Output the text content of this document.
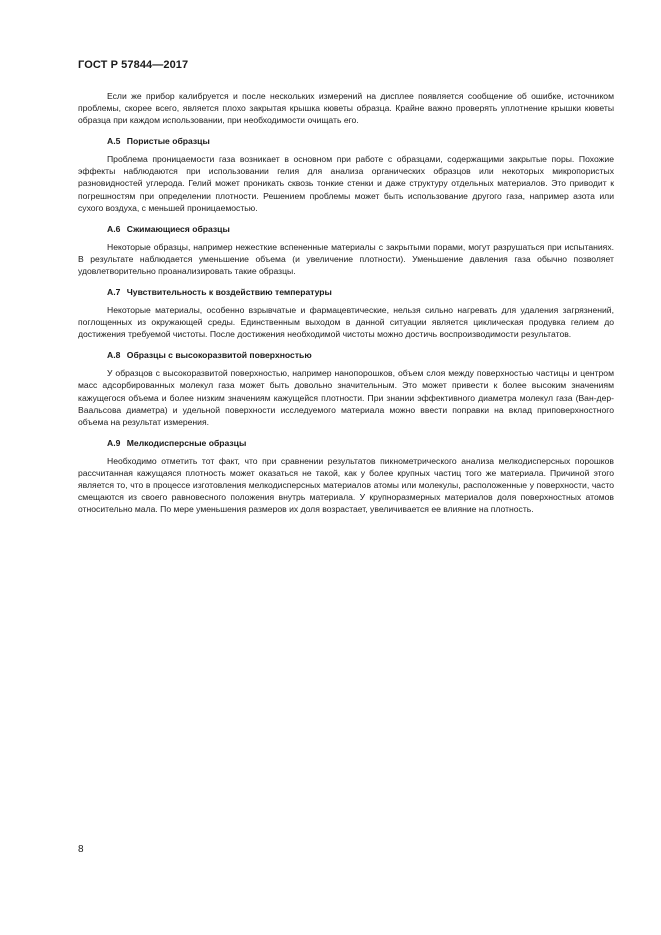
ГОСТ Р 57844—2017

Если же прибор калибруется и после нескольких измерений на дисплее появляется сообщение об ошибке, источником проблемы, скорее всего, является плохо закрытая крышка кюветы образца. Крайне важно проверять уплотнение крышки кюветы образца при каждом использовании, при необходимости очищать его.

А.5 Пористые образцы

Проблема проницаемости газа возникает в основном при работе с образцами, содержащими закрытые поры. Похожие эффекты наблюдаются при использовании гелия для анализа органических образцов или некоторых микропористых разновидностей углерода. Гелий может проникать сквозь тонкие стенки и даже структуру отдельных материалов. Это приводит к погрешностям при определении плотности. Решением проблемы может быть использование другого газа, например азота или сухого воздуха, с меньшей проницаемостью.

А.6 Сжимающиеся образцы

Некоторые образцы, например нежесткие вспененные материалы с закрытыми порами, могут разрушаться при испытаниях. В результате наблюдается уменьшение объема (и увеличение плотности). Уменьшение давления газа обычно позволяет удовлетворительно проанализировать такие образцы.

А.7 Чувствительность к воздействию температуры

Некоторые материалы, особенно взрывчатые и фармацевтические, нельзя сильно нагревать для удаления загрязнений, поглощенных из окружающей среды. Единственным выходом в данной ситуации является циклическая продувка гелием до достижения требуемой чистоты. После достижения необходимой чистоты можно достичь воспроизводимости результатов.

А.8 Образцы с высокоразвитой поверхностью

У образцов с высокоразвитой поверхностью, например нанопорошков, объем слоя между поверхностью частицы и центром масс адсорбированных молекул газа может быть довольно значительным. Это может привести к более высоким значениям кажущегося объема и более низким значениям кажущейся плотности. При знании эффективного диаметра молекул газа (Ван-дер-Ваальсова диаметра) и удельной поверхности исследуемого материала можно ввести поправки на вклад приповерхностного объема на результат измерения.

А.9 Мелкодисперсные образцы

Необходимо отметить тот факт, что при сравнении результатов пикнометрического анализа мелкодисперсных порошков рассчитанная кажущаяся плотность может оказаться не такой, как у более крупных частиц того же материала. Причиной этого является то, что в процессе изготовления мелкодисперсных материалов атомы или молекулы, расположенные у поверхности, часто смещаются из своего равновесного положения внутрь материала. У крупноразмерных материалов доля поверхностных атомов относительно мала. По мере уменьшения размеров их доля возрастает, увеличивается ее влияние на плотность.

8
